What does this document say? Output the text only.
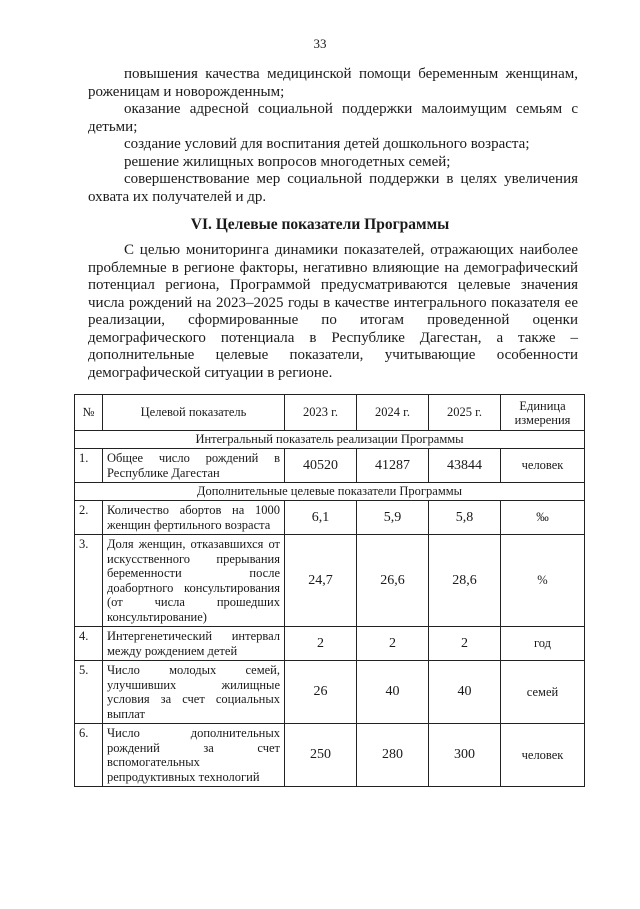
33

повышения качества медицинской помощи беременным женщинам, роженицам и новорожденным;

оказание адресной социальной поддержки малоимущим семьям с детьми;

создание условий для воспитания детей дошкольного возраста;

решение жилищных вопросов многодетных семей;

совершенствование мер социальной поддержки в целях увеличения охвата их получателей и др.

VI. Целевые показатели Программы

С целью мониторинга динамики показателей, отражающих наиболее проблемные в регионе факторы, негативно влияющие на демографический потенциал региона, Программой предусматриваются целевые значения числа рождений на 2023–2025 годы в качестве интегрального показателя ее реализации, сформированные по итогам проведенной оценки демографического потенциала в Республике Дагестан, а также – дополнительные целевые показатели, учитывающие особенности демографической ситуации в регионе.

№	Целевой показатель	2023 г.	2024 г.	2025 г.	Единица измерения
Интегральный показатель реализации Программы					
1.	Общее число рождений в Республике Дагестан	40520	41287	43844	человек
Дополнительные целевые показатели Программы					
2.	Количество абортов на 1000 женщин фертильного возраста	6,1	5,9	5,8	‰
3.	Доля женщин, отказавшихся от искусственного прерывания беременности после доабортного консультирования (от числа прошедших консультирование)	24,7	26,6	28,6	%
4.	Интергенетический интервал между рождением детей	2	2	2	год
5.	Число молодых семей, улучшивших жилищные условия за счет социальных выплат	26	40	40	семей
6.	Число дополнительных рождений за счет вспомогательных репродуктивных технологий	250	280	300	человек
